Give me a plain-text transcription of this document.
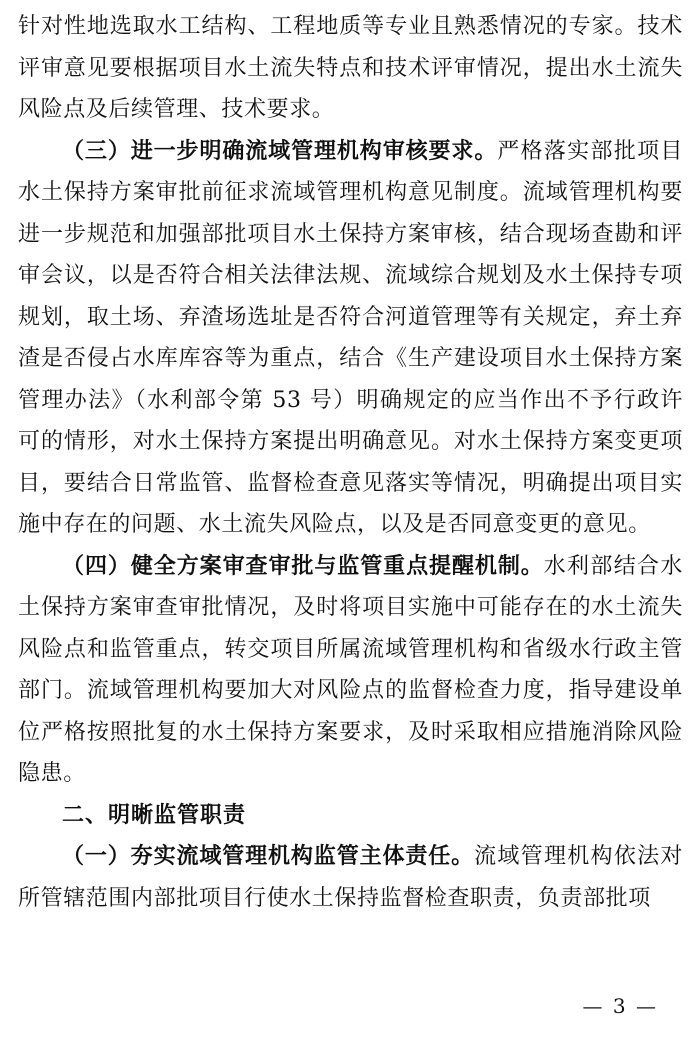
针对性地选取水工结构、工程地质等专业且熟悉情况的专家。技术评审意见要根据项目水土流失特点和技术评审情况，提出水土流失风险点及后续管理、技术要求。

（三）进一步明确流域管理机构审核要求。严格落实部批项目水土保持方案审批前征求流域管理机构意见制度。流域管理机构要进一步规范和加强部批项目水土保持方案审核，结合现场查勘和评审会议，以是否符合相关法律法规、流域综合规划及水土保持专项规划，取土场、弃渣场选址是否符合河道管理等有关规定，弃土弃渣是否侵占水库库容等为重点，结合《生产建设项目水土保持方案管理办法》（水利部令第 53 号）明确规定的应当作出不予行政许可的情形，对水土保持方案提出明确意见。对水土保持方案变更项目，要结合日常监管、监督检查意见落实等情况，明确提出项目实施中存在的问题、水土流失风险点，以及是否同意变更的意见。

（四）健全方案审查审批与监管重点提醒机制。水利部结合水土保持方案审查审批情况，及时将项目实施中可能存在的水土流失风险点和监管重点，转交项目所属流域管理机构和省级水行政主管部门。流域管理机构要加大对风险点的监督检查力度，指导建设单位严格按照批复的水土保持方案要求，及时采取相应措施消除风险隐患。

二、明晰监管职责

（一）夯实流域管理机构监管主体责任。流域管理机构依法对所管辖范围内部批项目行使水土保持监督检查职责，负责部批项

— 3 —
